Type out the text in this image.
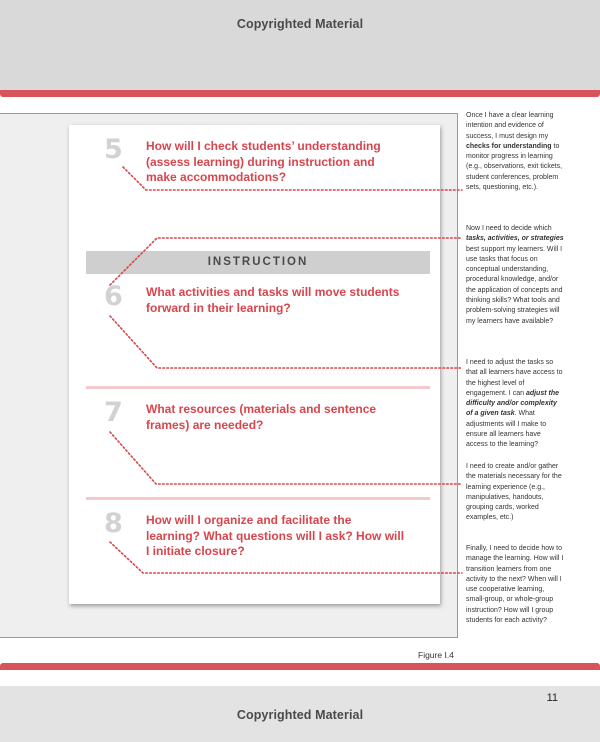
Copyrighted Material
5 How will I check students’ understanding (assess learning) during instruction and make accommodations?
INSTRUCTION
6 What activities and tasks will move students forward in their learning?
7 What resources (materials and sentence frames) are needed?
8 How will I organize and facilitate the learning? What questions will I ask? How will I initiate closure?
Once I have a clear learning intention and evidence of success, I must design my checks for understanding to monitor progress in learning (e.g., observations, exit tickets, student conferences, problem sets, questioning, etc.).
Now I need to decide which tasks, activities, or strategies best support my learners. Will I use tasks that focus on conceptual understanding, procedural knowledge, and/or the application of concepts and thinking skills? What tools and problem-solving strategies will my learners have available?
I need to adjust the tasks so that all learners have access to the highest level of engagement. I can adjust the difficulty and/or complexity of a given task. What adjustments will I make to ensure all learners have access to the learning?
I need to create and/or gather the materials necessary for the learning experience (e.g., manipulatives, handouts, grouping cards, worked examples, etc.)
Finally, I need to decide how to manage the learning. How will I transition learners from one activity to the next? When will I use cooperative learning, small-group, or whole-group instruction? How will I group students for each activity?
Figure I.4
11
Copyrighted Material
